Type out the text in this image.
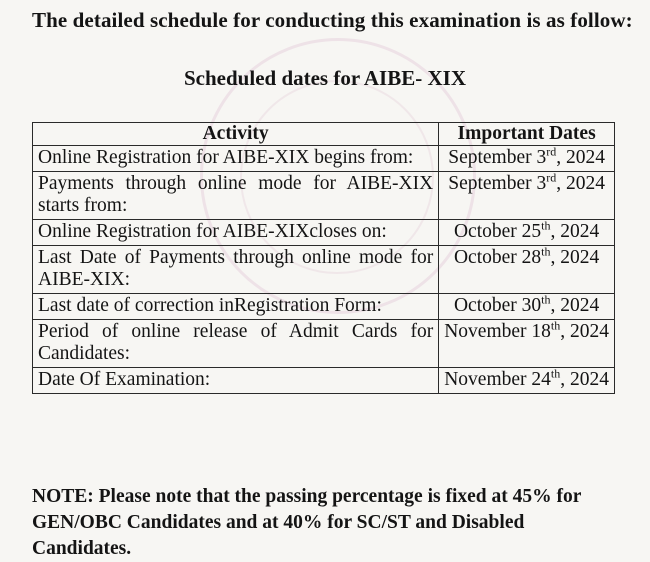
The detailed schedule for conducting this examination is as follow:
Scheduled dates for AIBE- XIX
Activity	Important Dates
Online Registration for AIBE-XIX begins from:	September 3rd, 2024
Payments through online mode for AIBE-XIX starts from:	September 3rd, 2024
Online Registration for AIBE-XIXcloses on:	October 25th, 2024
Last Date of Payments through online mode for AIBE-XIX:	October 28th, 2024
Last date of correction inRegistration Form:	October 30th, 2024
Period of online release of Admit Cards for Candidates:	November 18th, 2024
Date Of Examination:	November 24th, 2024
NOTE: Please note that the passing percentage is fixed at 45% for GEN/OBC Candidates and at 40% for SC/ST and Disabled Candidates.
